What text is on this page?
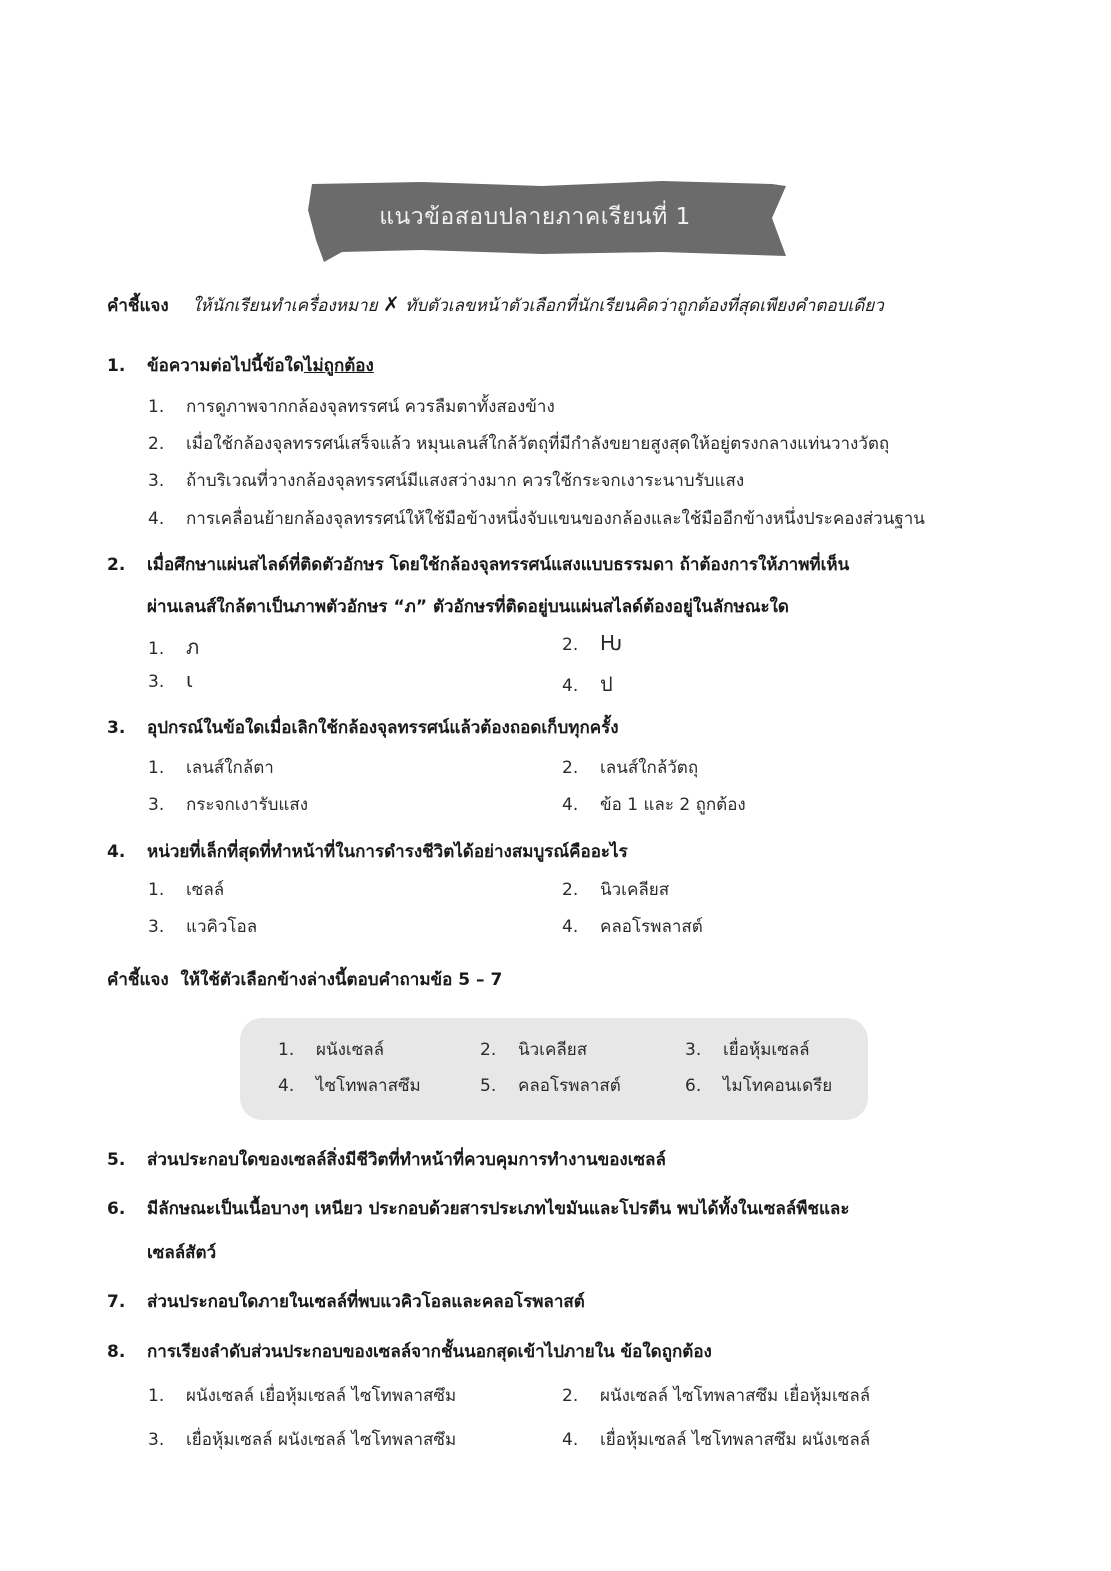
แนวข้อสอบปลายภาคเรียนที่ 1
คำชี้แจง ให้นักเรียนทำเครื่องหมาย ✗ ทับตัวเลขหน้าตัวเลือกที่นักเรียนคิดว่าถูกต้องที่สุดเพียงคำตอบเดียว
1. ข้อความต่อไปนี้ข้อใดไม่ถูกต้อง
1. การดูภาพจากกล้องจุลทรรศน์ ควรลืมตาทั้งสองข้าง
2. เมื่อใช้กล้องจุลทรรศน์เสร็จแล้ว หมุนเลนส์ใกล้วัตถุที่มีกำลังขยายสูงสุดให้อยู่ตรงกลางแท่นวางวัตถุ
3. ถ้าบริเวณที่วางกล้องจุลทรรศน์มีแสงสว่างมาก ควรใช้กระจกเงาระนาบรับแสง
4. การเคลื่อนย้ายกล้องจุลทรรศน์ให้ใช้มือข้างหนึ่งจับแขนของกล้องและใช้มืออีกข้างหนึ่งประคองส่วนฐาน
2. เมื่อศึกษาแผ่นสไลด์ที่ติดตัวอักษร โดยใช้กล้องจุลทรรศน์แสงแบบธรรมดา ถ้าต้องการให้ภาพที่เห็น
ผ่านเลนส์ใกล้ตาเป็นภาพตัวอักษร “ภ” ตัวอักษรที่ติดอยู่บนแผ่นสไลด์ต้องอยู่ในลักษณะใด
1. ภ	2. Ƕ
3. ɩ	4. ป
3. อุปกรณ์ในข้อใดเมื่อเลิกใช้กล้องจุลทรรศน์แล้วต้องถอดเก็บทุกครั้ง
1. เลนส์ใกล้ตา	2. เลนส์ใกล้วัตถุ
3. กระจกเงารับแสง	4. ข้อ 1 และ 2 ถูกต้อง
4. หน่วยที่เล็กที่สุดที่ทำหน้าที่ในการดำรงชีวิตได้อย่างสมบูรณ์คืออะไร
1. เซลล์	2. นิวเคลียส
3. แวคิวโอล	4. คลอโรพลาสต์
คำชี้แจง ให้ใช้ตัวเลือกข้างล่างนี้ตอบคำถามข้อ 5 – 7
1. ผนังเซลล์	2. นิวเคลียส	3. เยื่อหุ้มเซลล์
4. ไซโทพลาสซึม	5. คลอโรพลาสต์	6. ไมโทคอนเดรีย
5. ส่วนประกอบใดของเซลล์สิ่งมีชีวิตที่ทำหน้าที่ควบคุมการทำงานของเซลล์
6. มีลักษณะเป็นเนื้อบางๆ เหนียว ประกอบด้วยสารประเภทไขมันและโปรตีน พบได้ทั้งในเซลล์พืชและ
เซลล์สัตว์
7. ส่วนประกอบใดภายในเซลล์ที่พบแวคิวโอลและคลอโรพลาสต์
8. การเรียงลำดับส่วนประกอบของเซลล์จากชั้นนอกสุดเข้าไปภายใน ข้อใดถูกต้อง
1. ผนังเซลล์ เยื่อหุ้มเซลล์ ไซโทพลาสซึม	2. ผนังเซลล์ ไซโทพลาสซึม เยื่อหุ้มเซลล์
3. เยื่อหุ้มเซลล์ ผนังเซลล์ ไซโทพลาสซึม	4. เยื่อหุ้มเซลล์ ไซโทพลาสซึม ผนังเซลล์
